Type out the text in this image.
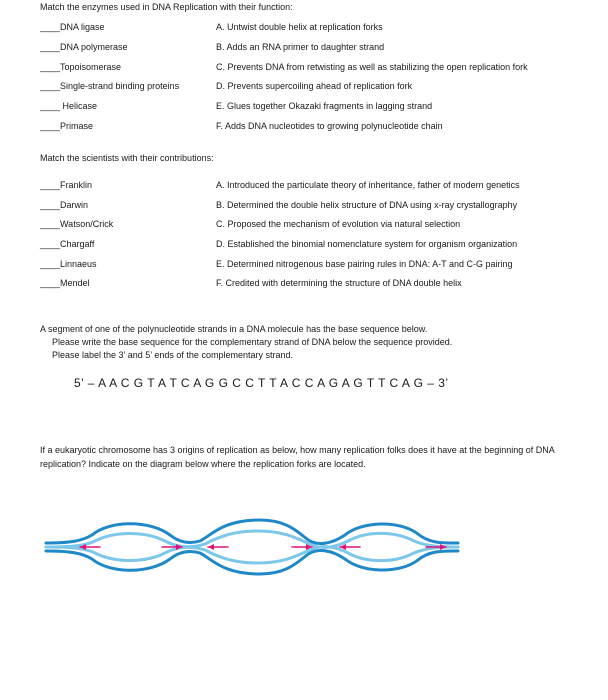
Match the enzymes used in DNA Replication with their function:
____DNA ligase	A. Untwist double helix at replication forks
____DNA polymerase	B. Adds an RNA primer to daughter strand
____Topoisomerase	C. Prevents DNA from retwisting as well as stabilizing the open replication fork
____Single-strand binding proteins	D. Prevents supercoiling ahead of replication fork
____ Helicase	E. Glues together Okazaki fragments in lagging strand
____Primase	F. Adds DNA nucleotides to growing polynucleotide chain
Match the scientists with their contributions:
____Franklin	A. Introduced the particulate theory of inheritance, father of modern genetics
____Darwin	B. Determined the double helix structure of DNA using x-ray crystallography
____Watson/Crick	C. Proposed the mechanism of evolution via natural selection
____Chargaff	D. Established the binomial nomenclature system for organism organization
____Linnaeus	E. Determined nitrogenous base pairing rules in DNA: A-T and C-G pairing
____Mendel	F. Credited with determining the structure of DNA double helix
A segment of one of the polynucleotide strands in a DNA molecule has the base sequence below.
Please write the base sequence for the complementary strand of DNA below the sequence provided.
Please label the 3’ and 5’ ends of the complementary strand.
5’ – A A C G T A T C A G G C C T T A C C A G A G T T C A G – 3’
If a eukaryotic chromosome has 3 origins of replication as below, how many replication folks does it have at the beginning of DNA replication? Indicate on the diagram below where the replication forks are located.
